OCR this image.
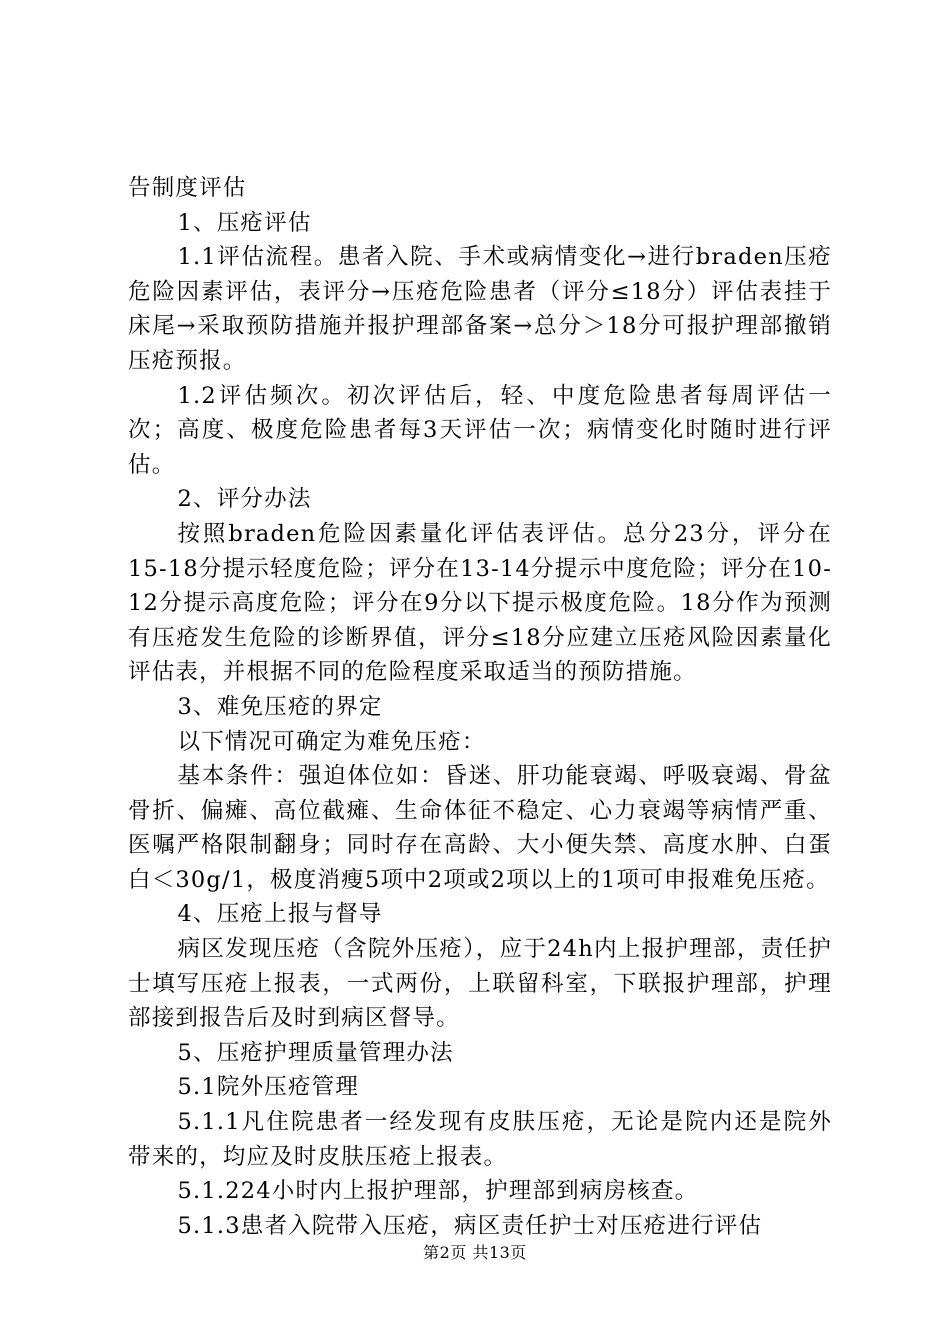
告制度评估

1、压疮评估

1.1评估流程。患者入院、手术或病情变化→进行braden压疮危险因素评估，表评分→压疮危险患者（评分≤18分）评估表挂于床尾→采取预防措施并报护理部备案→总分＞18分可报护理部撤销压疮预报。

1.2评估频次。初次评估后，轻、中度危险患者每周评估一次；高度、极度危险患者每3天评估一次；病情变化时随时进行评估。

2、评分办法

按照braden危险因素量化评估表评估。总分23分，评分在15-18分提示轻度危险；评分在13-14分提示中度危险；评分在10-12分提示高度危险；评分在9分以下提示极度危险。18分作为预测有压疮发生危险的诊断界值，评分≤18分应建立压疮风险因素量化评估表，并根据不同的危险程度采取适当的预防措施。

3、难免压疮的界定

以下情况可确定为难免压疮：

基本条件：强迫体位如：昏迷、肝功能衰竭、呼吸衰竭、骨盆骨折、偏瘫、高位截瘫、生命体征不稳定、心力衰竭等病情严重、医嘱严格限制翻身；同时存在高龄、大小便失禁、高度水肿、白蛋白＜30g/1，极度消瘦5项中2项或2项以上的1项可申报难免压疮。

4、压疮上报与督导

病区发现压疮（含院外压疮），应于24h内上报护理部，责任护士填写压疮上报表，一式两份，上联留科室，下联报护理部，护理部接到报告后及时到病区督导。

5、压疮护理质量管理办法

5.1院外压疮管理

5.1.1凡住院患者一经发现有皮肤压疮，无论是院内还是院外带来的，均应及时皮肤压疮上报表。

5.1.224小时内上报护理部，护理部到病房核查。

5.1.3患者入院带入压疮，病区责任护士对压疮进行评估

第2页 共13页
